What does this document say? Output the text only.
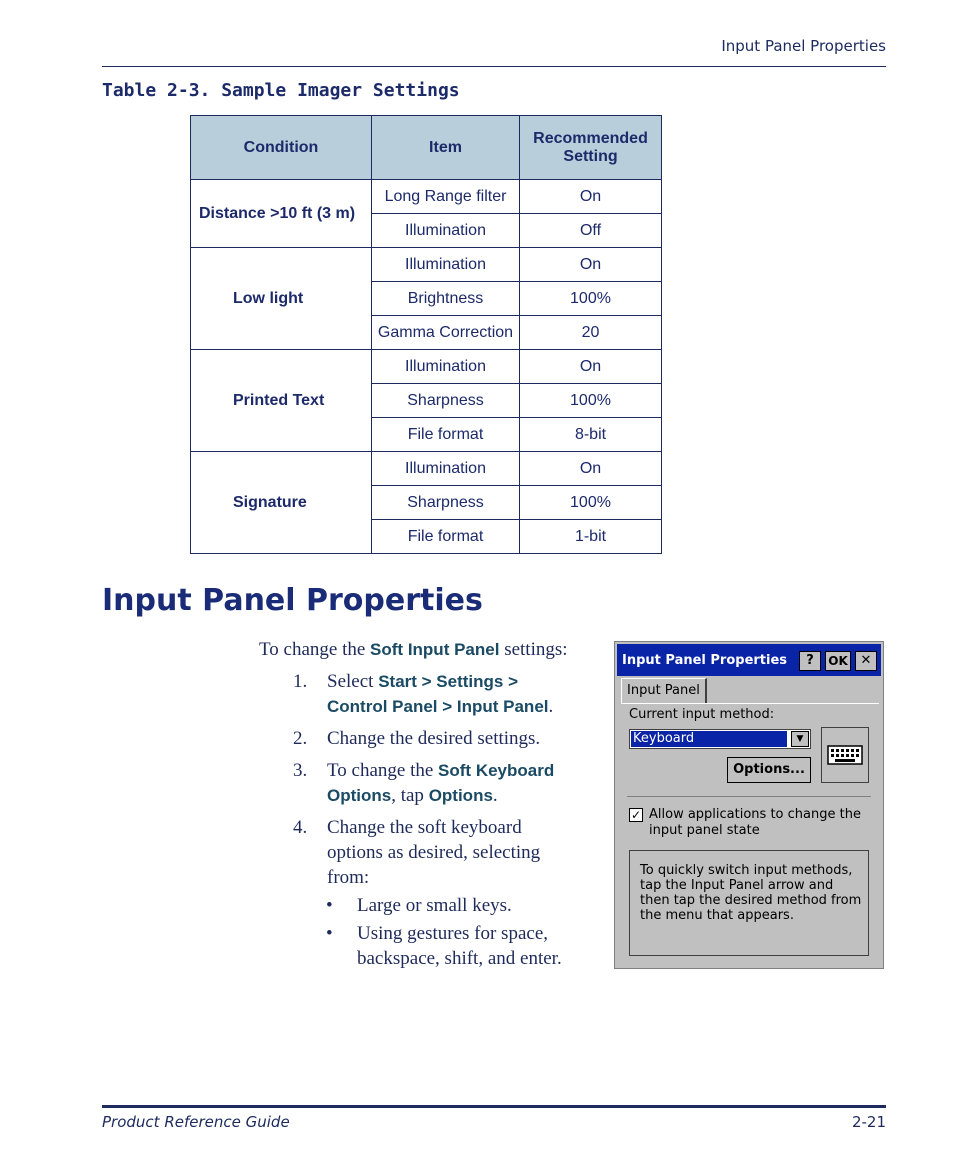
Input Panel Properties
Table 2-3. Sample Imager Settings
Condition	Item	Recommended Setting
Distance >10 ft (3 m)	Long Range filter	On
	Illumination	Off
Low light	Illumination	On
	Brightness	100%
	Gamma Correction	20
Printed Text	Illumination	On
	Sharpness	100%
	File format	8-bit
Signature	Illumination	On
	Sharpness	100%
	File format	1-bit
Input Panel Properties
To change the Soft Input Panel settings:
1. Select Start > Settings > Control Panel > Input Panel.
2. Change the desired settings.
3. To change the Soft Keyboard Options, tap Options.
4. Change the soft keyboard options as desired, selecting from:
• Large or small keys.
• Using gestures for space, backspace, shift, and enter.
Input Panel Properties	?	OK ✕
Input Panel
Current input method:
Keyboard	▼
Options...
✓ Allow applications to change the input panel state
To quickly switch input methods, tap the Input Panel arrow and then tap the desired method from the menu that appears.
Product Reference Guide	2-21
